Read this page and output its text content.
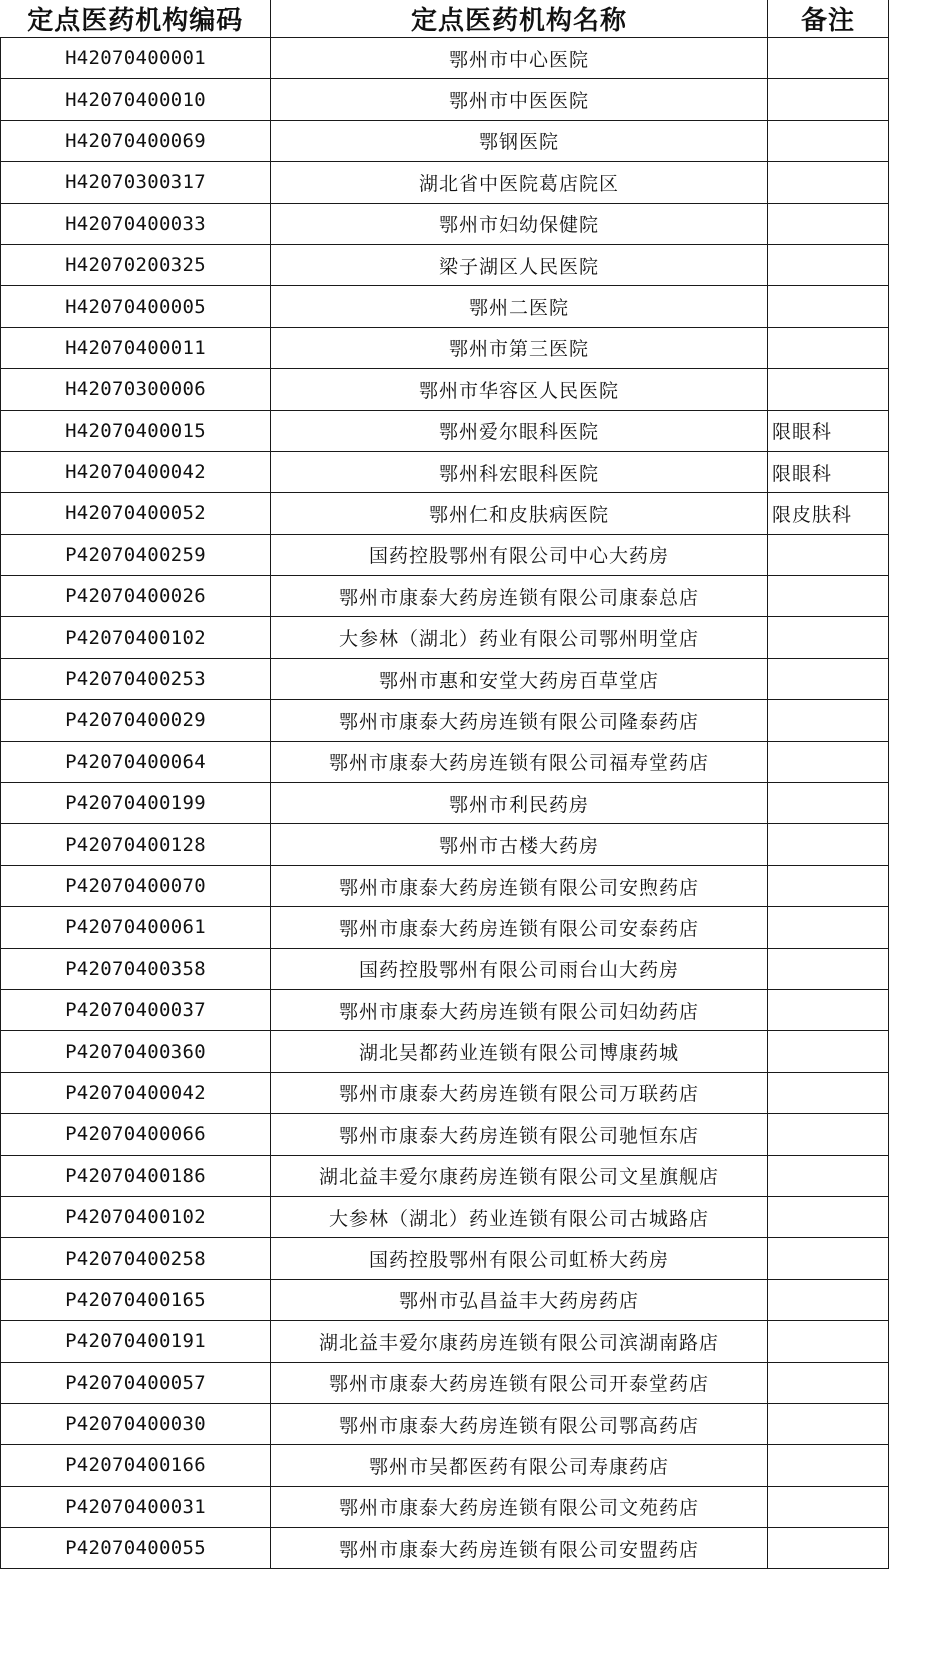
定点医药机构编码	定点医药机构名称	备注
H42070400001	鄂州市中心医院	
H42070400010	鄂州市中医医院	
H42070400069	鄂钢医院	
H42070300317	湖北省中医院葛店院区	
H42070400033	鄂州市妇幼保健院	
H42070200325	梁子湖区人民医院	
H42070400005	鄂州二医院	
H42070400011	鄂州市第三医院	
H42070300006	鄂州市华容区人民医院	
H42070400015	鄂州爱尔眼科医院	限眼科
H42070400042	鄂州科宏眼科医院	限眼科
H42070400052	鄂州仁和皮肤病医院	限皮肤科
P42070400259	国药控股鄂州有限公司中心大药房	
P42070400026	鄂州市康泰大药房连锁有限公司康泰总店	
P42070400102	大参林（湖北）药业有限公司鄂州明堂店	
P42070400253	鄂州市惠和安堂大药房百草堂店	
P42070400029	鄂州市康泰大药房连锁有限公司隆泰药店	
P42070400064	鄂州市康泰大药房连锁有限公司福寿堂药店	
P42070400199	鄂州市利民药房	
P42070400128	鄂州市古楼大药房	
P42070400070	鄂州市康泰大药房连锁有限公司安煦药店	
P42070400061	鄂州市康泰大药房连锁有限公司安泰药店	
P42070400358	国药控股鄂州有限公司雨台山大药房	
P42070400037	鄂州市康泰大药房连锁有限公司妇幼药店	
P42070400360	湖北吴都药业连锁有限公司博康药城	
P42070400042	鄂州市康泰大药房连锁有限公司万联药店	
P42070400066	鄂州市康泰大药房连锁有限公司驰恒东店	
P42070400186	湖北益丰爱尔康药房连锁有限公司文星旗舰店	
P42070400102	大参林（湖北）药业连锁有限公司古城路店	
P42070400258	国药控股鄂州有限公司虹桥大药房	
P42070400165	鄂州市弘昌益丰大药房药店	
P42070400191	湖北益丰爱尔康药房连锁有限公司滨湖南路店	
P42070400057	鄂州市康泰大药房连锁有限公司开泰堂药店	
P42070400030	鄂州市康泰大药房连锁有限公司鄂高药店	
P42070400166	鄂州市吴都医药有限公司寿康药店	
P42070400031	鄂州市康泰大药房连锁有限公司文苑药店	
P42070400055	鄂州市康泰大药房连锁有限公司安盟药店	
